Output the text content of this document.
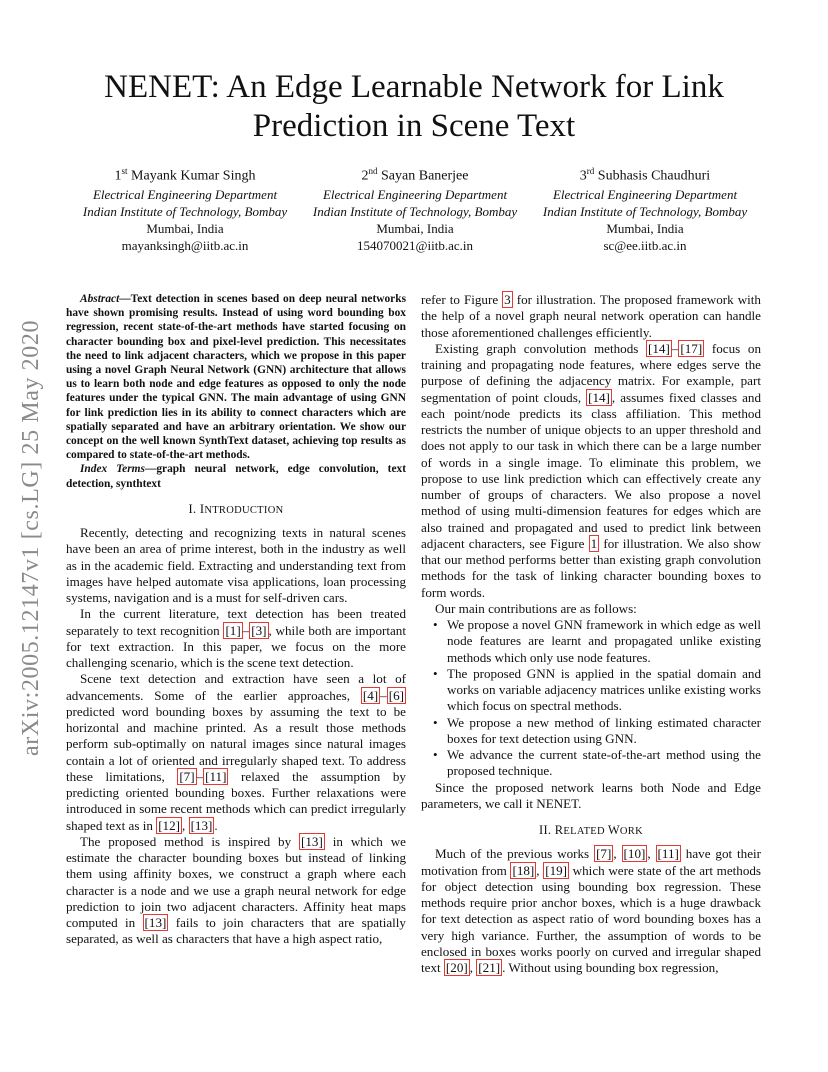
arXiv:2005.12147v1 [cs.LG] 25 May 2020
NENET: An Edge Learnable Network for Link Prediction in Scene Text
1st Mayank Kumar Singh
Electrical Engineering Department
Indian Institute of Technology, Bombay
Mumbai, India
mayanksingh@iitb.ac.in
2nd Sayan Banerjee
Electrical Engineering Department
Indian Institute of Technology, Bombay
Mumbai, India
154070021@iitb.ac.in
3rd Subhasis Chaudhuri
Electrical Engineering Department
Indian Institute of Technology, Bombay
Mumbai, India
sc@ee.iitb.ac.in

Abstract—Text detection in scenes based on deep neural networks have shown promising results. Instead of using word bounding box regression, recent state-of-the-art methods have started focusing on character bounding box and pixel-level prediction. This necessitates the need to link adjacent characters, which we propose in this paper using a novel Graph Neural Network (GNN) architecture that allows us to learn both node and edge features as opposed to only the node features under the typical GNN. The main advantage of using GNN for link prediction lies in its ability to connect characters which are spatially separated and have an arbitrary orientation. We show our concept on the well known SynthText dataset, achieving top results as compared to state-of-the-art methods.

Index Terms—graph neural network, edge convolution, text detection, synthtext

I. INTRODUCTION

Recently, detecting and recognizing texts in natural scenes have been an area of prime interest, both in the industry as well as in the academic field. Extracting and understanding text from images have helped automate visa applications, loan processing systems, navigation and is a must for self-driven cars.

In the current literature, text detection has been treated separately to text recognition [1] – [3] , while both are important for text extraction. In this paper, we focus on the more challenging scenario, which is the scene text detection.

Scene text detection and extraction have seen a lot of advancements. Some of the earlier approaches, [4] – [6] predicted word bounding boxes by assuming the text to be horizontal and machine printed. As a result those methods perform sub-optimally on natural images since natural images contain a lot of oriented and irregularly shaped text. To address these limitations, [7] – [11] relaxed the assumption by predicting oriented bounding boxes. Further relaxations were introduced in some recent methods which can predict irregularly shaped text as in [12] , [13] .

The proposed method is inspired by [13] in which we estimate the character bounding boxes but instead of linking them using affinity boxes, we construct a graph where each character is a node and we use a graph neural network for edge prediction to join two adjacent characters. Affinity heat maps computed in [13] fails to join characters that are spatially separated, as well as characters that have a high aspect ratio,

refer to Figure 3 for illustration. The proposed framework with the help of a novel graph neural network operation can handle those aforementioned challenges efficiently.

Existing graph convolution methods [14] – [17] focus on training and propagating node features, where edges serve the purpose of defining the adjacency matrix. For example, part segmentation of point clouds, [14] , assumes fixed classes and each point/node predicts its class affiliation. This method restricts the number of unique objects to an upper threshold and does not apply to our task in which there can be a large number of words in a single image. To eliminate this problem, we propose to use link prediction which can effectively create any number of groups of characters. We also propose a novel method of using multi-dimension features for edges which are also trained and propagated and used to predict link between adjacent characters, see Figure 1 for illustration. We also show that our method performs better than existing graph convolution methods for the task of linking character bounding boxes to form words.

Our main contributions are as follows:

• We propose a novel GNN framework in which edge as well node features are learnt and propagated unlike existing methods which only use node features.
• The proposed GNN is applied in the spatial domain and works on variable adjacency matrices unlike existing works which focus on spectral methods.
• We propose a new method of linking estimated character boxes for text detection using GNN.
• We advance the current state-of-the-art method using the proposed technique.

Since the proposed network learns both Node and Edge parameters, we call it NENET.

II. RELATED WORK

Much of the previous works [7] , [10] , [11] have got their motivation from [18] , [19] which were state of the art methods for object detection using bounding box regression. These methods require prior anchor boxes, which is a huge drawback for text detection as aspect ratio of word bounding boxes has a very high variance. Further, the assumption of words to be enclosed in boxes works poorly on curved and irregular shaped text [20] , [21] . Without using bounding box regression,
